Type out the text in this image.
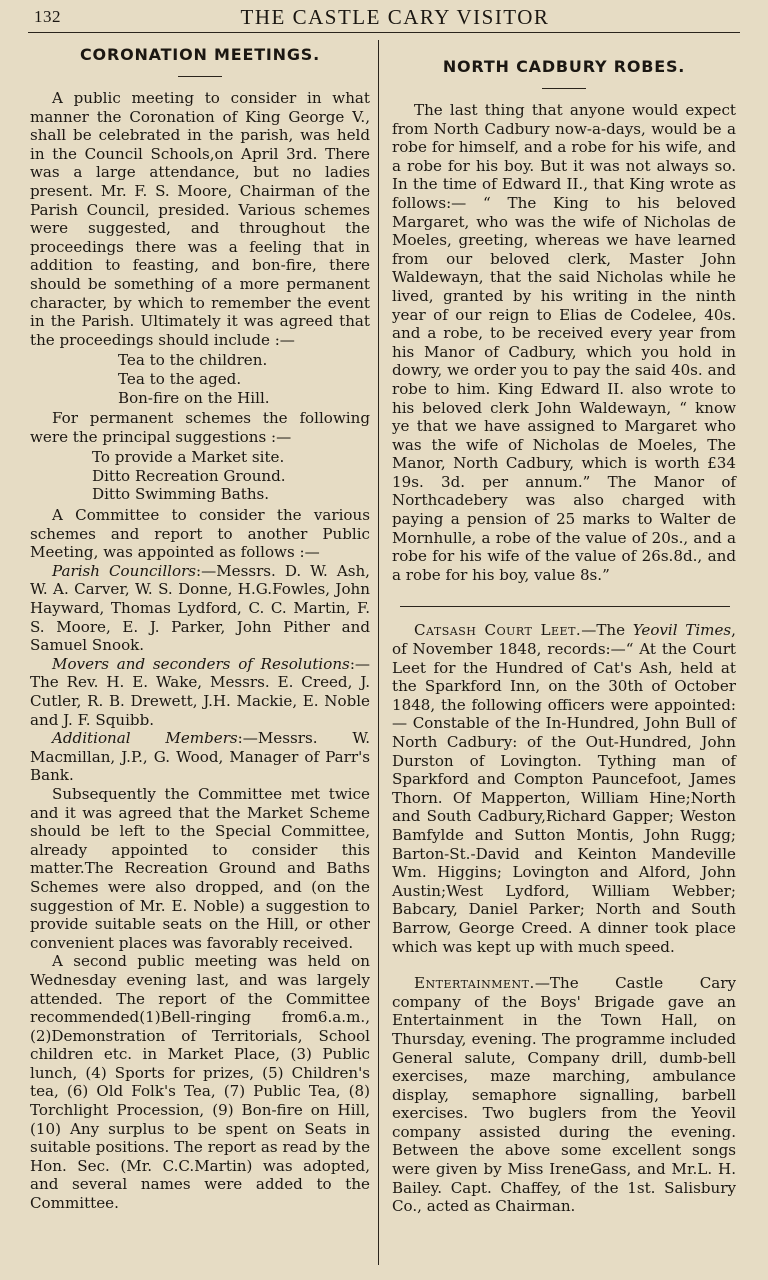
132	THE CASTLE CARY VISITOR
CORONATION MEETINGS.

A public meeting to consider in what manner the Coronation of King George V., shall be celebrated in the parish, was held in the Council Schools,on April 3rd. There was a large attendance, but no ladies present. Mr. F. S. Moore, Chairman of the Parish Council, presided. Various schemes were suggested, and throughout the proceedings there was a feeling that in addition to feasting, and bon-fire, there should be something of a more permanent character, by which to remember the event in the Parish. Ultimately it was agreed that the proceedings should include :—

Tea to the children.
Tea to the aged.
Bon-fire on the Hill.

For permanent schemes the following were the principal suggestions :—

To provide a Market site.
Ditto Recreation Ground.
Ditto Swimming Baths.

A Committee to consider the various schemes and report to another Public Meeting, was appointed as follows :—

Parish Councillors:—Messrs. D. W. Ash, W. A. Carver, W. S. Donne, H.G.Fowles, John Hayward, Thomas Lydford, C. C. Martin, F. S. Moore, E. J. Parker, John Pither and Samuel Snook.

Movers and seconders of Resolutions:— The Rev. H. E. Wake, Messrs. E. Creed, J. Cutler, R. B. Drewett, J.H. Mackie, E. Noble and J. F. Squibb.

Additional Members:—Messrs. W. Macmillan, J.P., G. Wood, Manager of Parr's Bank.

Subsequently the Committee met twice and it was agreed that the Market Scheme should be left to the Special Committee, already appointed to consider this matter.The Recreation Ground and Baths Schemes were also dropped, and (on the suggestion of Mr. E. Noble) a suggestion to provide suitable seats on the Hill, or other convenient places was favorably received.

A second public meeting was held on Wednesday evening last, and was largely attended. The report of the Committee recommended(1)Bell-ringing from6.a.m., (2)Demonstration of Territorials, School children etc. in Market Place, (3) Public lunch, (4) Sports for prizes, (5) Children's tea, (6) Old Folk's Tea, (7) Public Tea, (8) Torchlight Procession, (9) Bon-fire on Hill, (10) Any surplus to be spent on Seats in suitable positions. The report as read by the Hon. Sec. (Mr. C.C.Martin) was adopted, and several names were added to the Committee.

NORTH CADBURY ROBES.

The last thing that anyone would expect from North Cadbury now-a-days, would be a robe for himself, and a robe for his wife, and a robe for his boy. But it was not always so. In the time of Edward II., that King wrote as follows:— “ The King to his beloved Margaret, who was the wife of Nicholas de Moeles, greeting, whereas we have learned from our beloved clerk, Master John Waldewayn, that the said Nicholas while he lived, granted by his writing in the ninth year of our reign to Elias de Codelee, 40s. and a robe, to be received every year from his Manor of Cadbury, which you hold in dowry, we order you to pay the said 40s. and robe to him. King Edward II. also wrote to his beloved clerk John Waldewayn, “ know ye that we have assigned to Margaret who was the wife of Nicholas de Moeles, The Manor, North Cadbury, which is worth £34 19s. 3d. per annum.” The Manor of Northcadebery was also charged with paying a pension of 25 marks to Walter de Mornhulle, a robe of the value of 20s., and a robe for his wife of the value of 26s.8d., and a robe for his boy, value 8s.”

Catsash Court Leet.—The Yeovil Times, of November 1848, records:—“ At the Court Leet for the Hundred of Cat's Ash, held at the Sparkford Inn, on the 30th of October 1848, the following officers were appointed:— Constable of the In-Hundred, John Bull of North Cadbury: of the Out-Hundred, John Durston of Lovington. Tything man of Sparkford and Compton Pauncefoot, James Thorn. Of Mapperton, William Hine;North and South Cadbury,Richard Gapper; Weston Bamfylde and Sutton Montis, John Rugg; Barton-St.-David and Keinton Mandeville Wm. Higgins; Lovington and Alford, John Austin;West Lydford, William Webber; Babcary, Daniel Parker; North and South Barrow, George Creed. A dinner took place which was kept up with much speed.

Entertainment.—The Castle Cary company of the Boys' Brigade gave an Entertainment in the Town Hall, on Thursday, evening. The programme included General salute, Company drill, dumb-bell exercises, maze marching, ambulance display, semaphore signalling, barbell exercises. Two buglers from the Yeovil company assisted during the evening. Between the above some excellent songs were given by Miss IreneGass, and Mr.L. H. Bailey. Capt. Chaffey, of the 1st. Salisbury Co., acted as Chairman.
